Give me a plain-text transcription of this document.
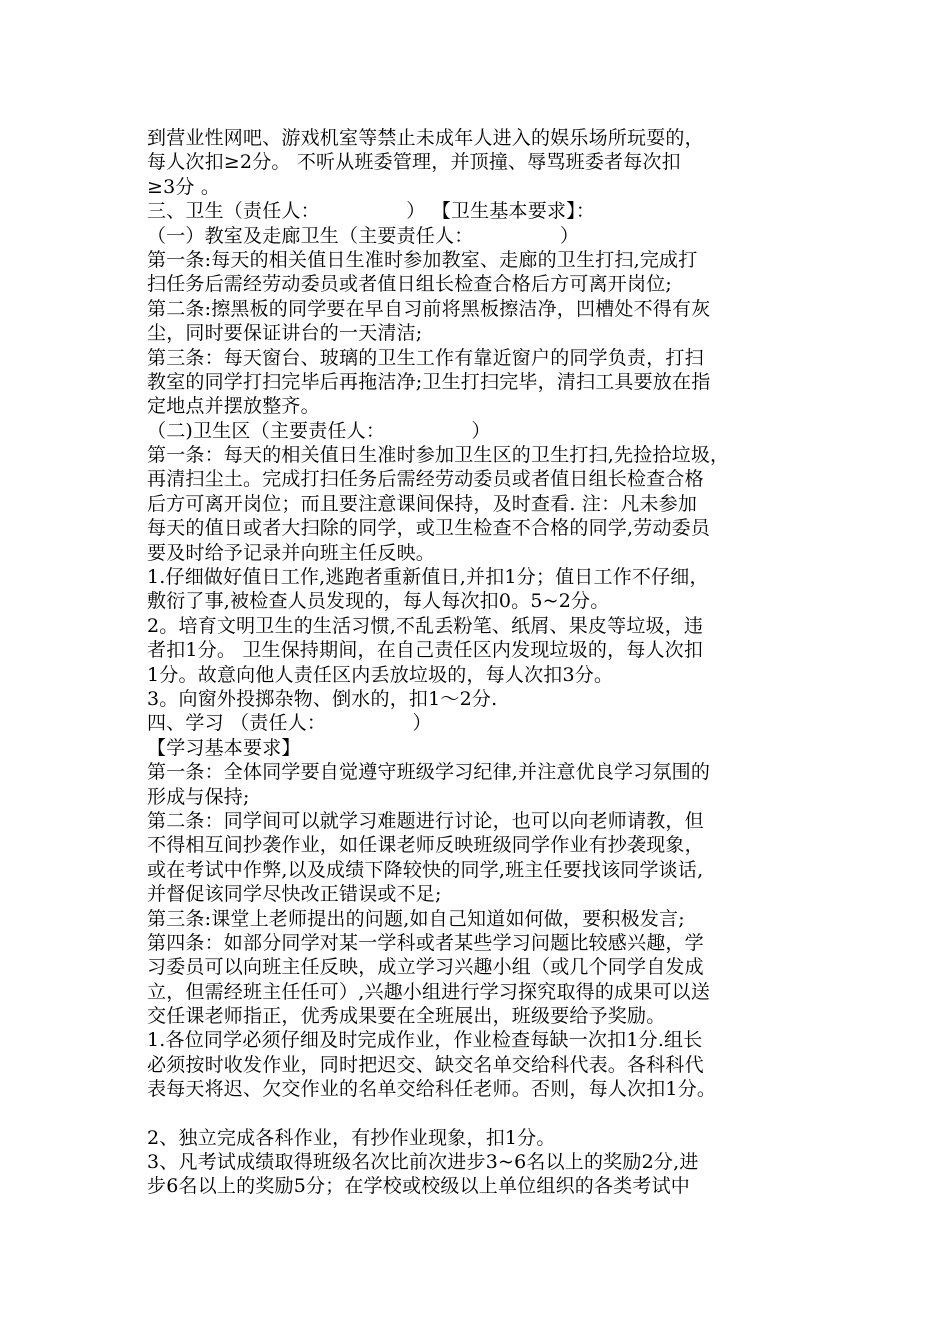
到营业性网吧、游戏机室等禁止未成年人进入的娱乐场所玩耍的，
每人次扣≥2分。 不听从班委管理，并顶撞、辱骂班委者每次扣
≥3分 。
三、卫生（责任人：　　　　　） 【卫生基本要求】：
（一）教室及走廊卫生（主要责任人：　　　　　）
第一条:每天的相关值日生准时参加教室、走廊的卫生打扫,完成打
扫任务后需经劳动委员或者值日组长检查合格后方可离开岗位;
第二条:擦黑板的同学要在早自习前将黑板擦洁净，凹槽处不得有灰
尘，同时要保证讲台的一天清洁;
第三条：每天窗台、玻璃的卫生工作有靠近窗户的同学负责，打扫
教室的同学打扫完毕后再拖洁净;卫生打扫完毕，清扫工具要放在指
定地点并摆放整齐。
（二)卫生区（主要责任人：　　　　　）
第一条：每天的相关值日生准时参加卫生区的卫生打扫,先捡拾垃圾，
再清扫尘土。完成打扫任务后需经劳动委员或者值日组长检查合格
后方可离开岗位；而且要注意课间保持，及时查看. 注：凡未参加
每天的值日或者大扫除的同学，或卫生检查不合格的同学,劳动委员
要及时给予记录并向班主任反映。
1.仔细做好值日工作,逃跑者重新值日,并扣1分；值日工作不仔细，
敷衍了事,被检查人员发现的，每人每次扣0。5~2分。
2。培育文明卫生的生活习惯,不乱丢粉笔、纸屑、果皮等垃圾，违
者扣1分。 卫生保持期间，在自己责任区内发现垃圾的，每人次扣
1分。故意向他人责任区内丢放垃圾的，每人次扣3分。
3。向窗外投掷杂物、倒水的，扣1～2分.
四、学习 （责任人：　　　　　）
【学习基本要求】
第一条：全体同学要自觉遵守班级学习纪律,并注意优良学习氛围的
形成与保持;
第二条：同学间可以就学习难题进行讨论，也可以向老师请教，但
不得相互间抄袭作业，如任课老师反映班级同学作业有抄袭现象，
或在考试中作弊,以及成绩下降较快的同学,班主任要找该同学谈话,
并督促该同学尽快改正错误或不足;
第三条:课堂上老师提出的问题,如自己知道如何做，要积极发言;
第四条：如部分同学对某一学科或者某些学习问题比较感兴趣，学
习委员可以向班主任反映，成立学习兴趣小组（或几个同学自发成
立，但需经班主任任可）,兴趣小组进行学习探究取得的成果可以送
交任课老师指正，优秀成果要在全班展出，班级要给予奖励。
1.各位同学必须仔细及时完成作业，作业检查每缺一次扣1分.组长
必须按时收发作业，同时把迟交、缺交名单交给科代表。各科科代
表每天将迟、欠交作业的名单交给科任老师。否则，每人次扣1分。
2、独立完成各科作业，有抄作业现象，扣1分。
3、凡考试成绩取得班级名次比前次进步3~6名以上的奖励2分,进
步6名以上的奖励5分；在学校或校级以上单位组织的各类考试中
